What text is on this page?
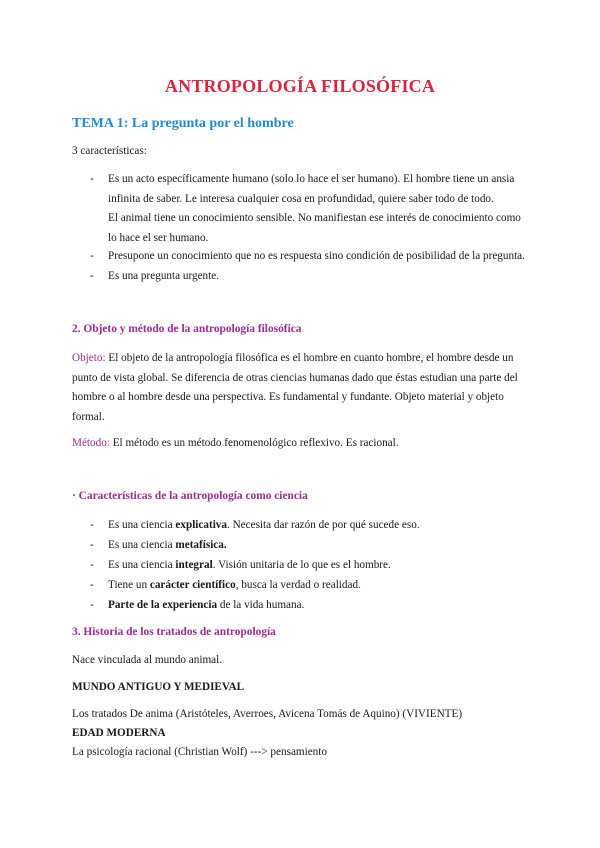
ANTROPOLOGÍA FILOSÓFICA
TEMA 1: La pregunta por el hombre
3 características:
- Es un acto específicamente humano (solo lo hace el ser humano). El hombre tiene un ansia
infinita de saber. Le interesa cualquier cosa en profundidad, quiere saber todo de todo.
El animal tiene un conocimiento sensible. No manifiestan ese interés de conocimiento como
lo hace el ser humano.
- Presupone un conocimiento que no es respuesta sino condición de posibilidad de la pregunta.
- Es una pregunta urgente.
2. Objeto y método de la antropología filosófica
Objeto: El objeto de la antropología filosófica es el hombre en cuanto hombre, el hombre desde un
punto de vista global. Se diferencia de otras ciencias humanas dado que éstas estudian una parte del
hombre o al hombre desde una perspectiva. Es fundamental y fundante. Objeto material y objeto
formal.
Método: El método es un método fenomenológico reflexivo. Es racional.
· Características de la antropología como ciencia
- Es una ciencia explicativa. Necesita dar razón de por qué sucede eso.
- Es una ciencia metafísica.
- Es una ciencia integral. Visión unitaria de lo que es el hombre.
- Tiene un carácter científico, busca la verdad o realidad.
- Parte de la experiencia de la vida humana.
3. Historia de los tratados de antropología
Nace vinculada al mundo animal.
MUNDO ANTIGUO Y MEDIEVAL
Los tratados De anima (Aristóteles, Averroes, Avicena Tomás de Aquino) (VIVIENTE)
EDAD MODERNA
La psicología racional (Christian Wolf) ---> pensamiento
